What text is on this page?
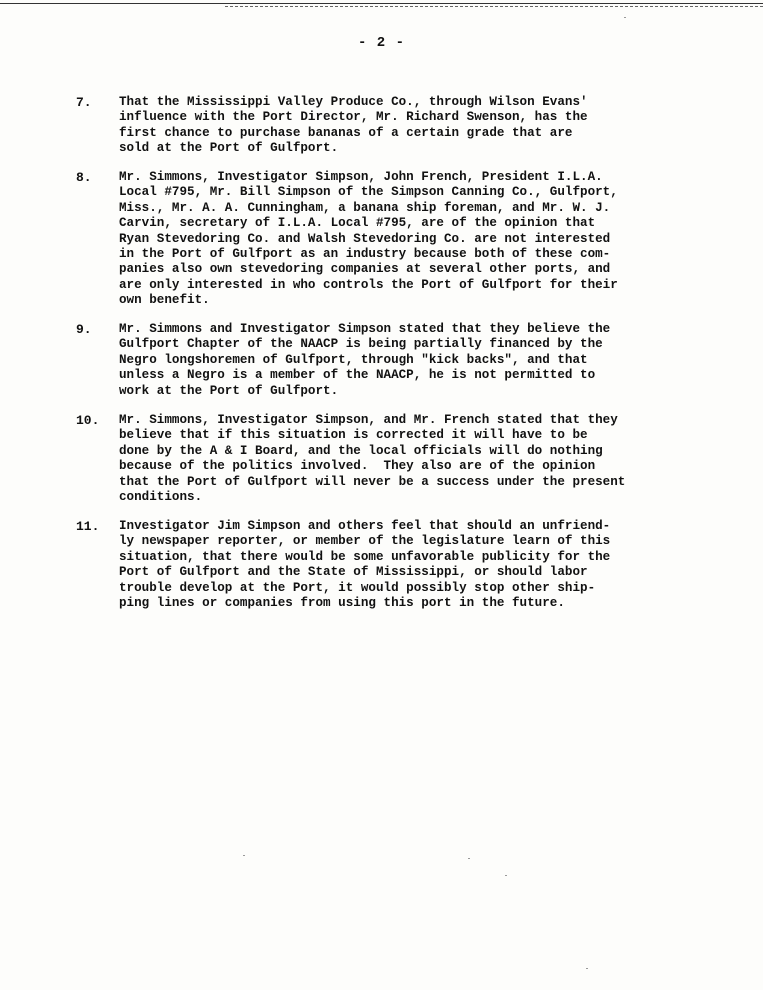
- 2 -
7.	That the Mississippi Valley Produce Co., through Wilson Evans'
influence with the Port Director, Mr. Richard Swenson, has the
first chance to purchase bananas of a certain grade that are
sold at the Port of Gulfport.
8.	Mr. Simmons, Investigator Simpson, John French, President I.L.A.
Local #795, Mr. Bill Simpson of the Simpson Canning Co., Gulfport,
Miss., Mr. A. A. Cunningham, a banana ship foreman, and Mr. W. J.
Carvin, secretary of I.L.A. Local #795, are of the opinion that
Ryan Stevedoring Co. and Walsh Stevedoring Co. are not interested
in the Port of Gulfport as an industry because both of these com-
panies also own stevedoring companies at several other ports, and
are only interested in who controls the Port of Gulfport for their
own benefit.
9.	Mr. Simmons and Investigator Simpson stated that they believe the
Gulfport Chapter of the NAACP is being partially financed by the
Negro longshoremen of Gulfport, through "kick backs", and that
unless a Negro is a member of the NAACP, he is not permitted to
work at the Port of Gulfport.
10.	Mr. Simmons, Investigator Simpson, and Mr. French stated that they
believe that if this situation is corrected it will have to be
done by the A & I Board, and the local officials will do nothing
because of the politics involved.  They also are of the opinion
that the Port of Gulfport will never be a success under the present
conditions.
11.	Investigator Jim Simpson and others feel that should an unfriend-
ly newspaper reporter, or member of the legislature learn of this
situation, that there would be some unfavorable publicity for the
Port of Gulfport and the State of Mississippi, or should labor
trouble develop at the Port, it would possibly stop other ship-
ping lines or companies from using this port in the future.
